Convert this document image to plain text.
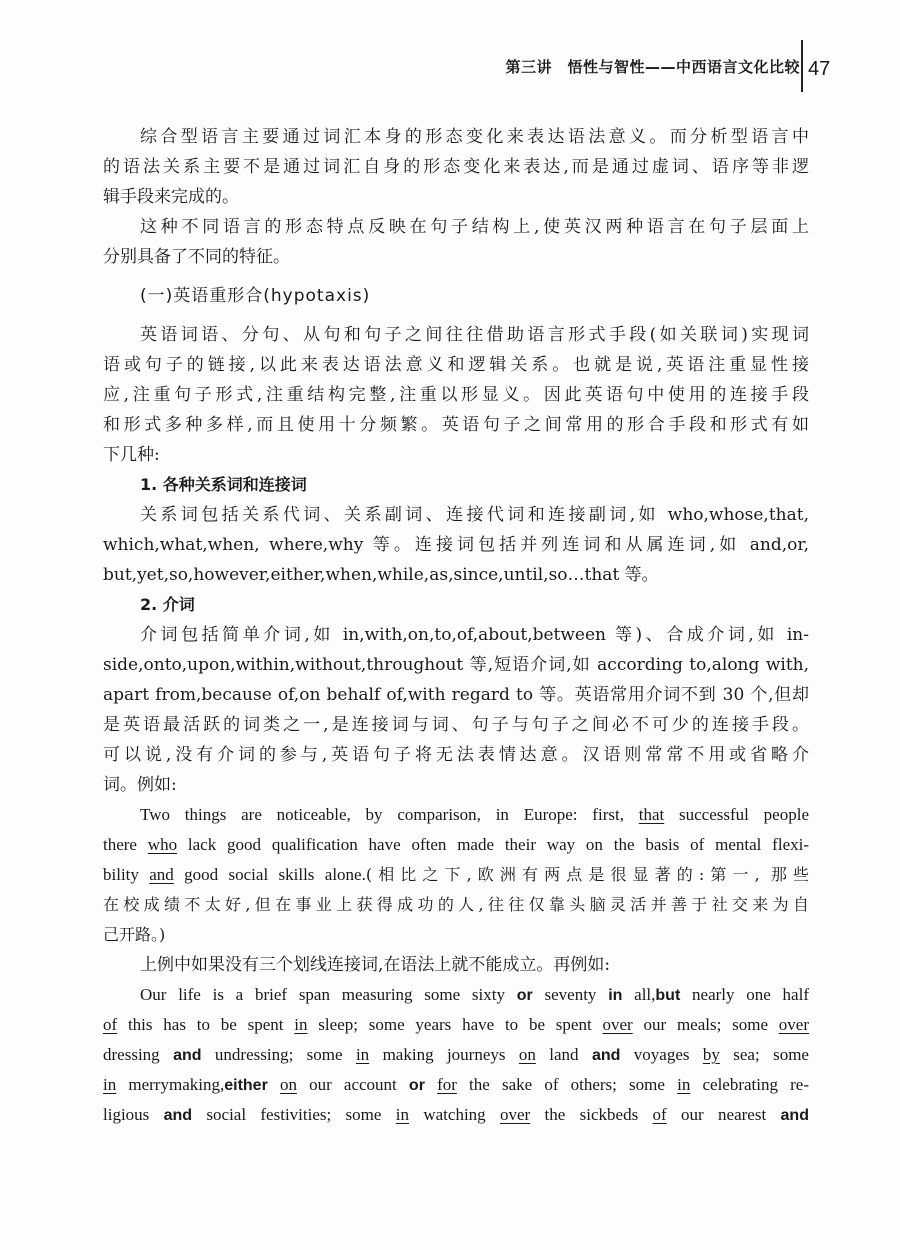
第三讲　悟性与智性——中西语言文化比较 47
综合型语言主要通过词汇本身的形态变化来表达语法意义。而分析型语言中
的语法关系主要不是通过词汇自身的形态变化来表达,而是通过虚词、语序等非逻
辑手段来完成的。
这种不同语言的形态特点反映在句子结构上,使英汉两种语言在句子层面上
分别具备了不同的特征。
(一)英语重形合(hypotaxis)
英语词语、分句、从句和句子之间往往借助语言形式手段(如关联词)实现词
语或句子的链接,以此来表达语法意义和逻辑关系。也就是说,英语注重显性接
应,注重句子形式,注重结构完整,注重以形显义。因此英语句中使用的连接手段
和形式多种多样,而且使用十分频繁。英语句子之间常用的形合手段和形式有如
下几种:
1. 各种关系词和连接词
关系词包括关系代词、关系副词、连接代词和连接副词,如 who,whose,that,
which,what,when, where,why 等。连接词包括并列连词和从属连词,如 and,or,
but,yet,so,however,either,when,while,as,since,until,so…that 等。
2. 介词
介词包括简单介词,如 in,with,on,to,of,about,between 等)、合成介词,如 in-
side,onto,upon,within,without,throughout 等,短语介词,如 according to,along with,
apart from,because of,on behalf of,with regard to 等。英语常用介词不到 30 个,但却
是英语最活跃的词类之一,是连接词与词、句子与句子之间必不可少的连接手段。
可以说,没有介词的参与,英语句子将无法表情达意。汉语则常常不用或省略介
词。例如:
Two things are noticeable, by comparison, in Europe: first, that successful people
there who lack good qualification have often made their way on the basis of mental flexi-
bility and good social skills alone.(相比之下,欧洲有两点是很显著的:第一, 那些
在校成绩不太好,但在事业上获得成功的人,往往仅靠头脑灵活并善于社交来为自
己开路。)
上例中如果没有三个划线连接词,在语法上就不能成立。再例如:
Our life is a brief span measuring some sixty or seventy in all,but nearly one half
of this has to be spent in sleep; some years have to be spent over our meals; some over
dressing and undressing; some in making journeys on land and voyages by sea; some
in merrymaking,either on our account or for the sake of others; some in celebrating re-
ligious and social festivities; some in watching over the sickbeds of our nearest and
